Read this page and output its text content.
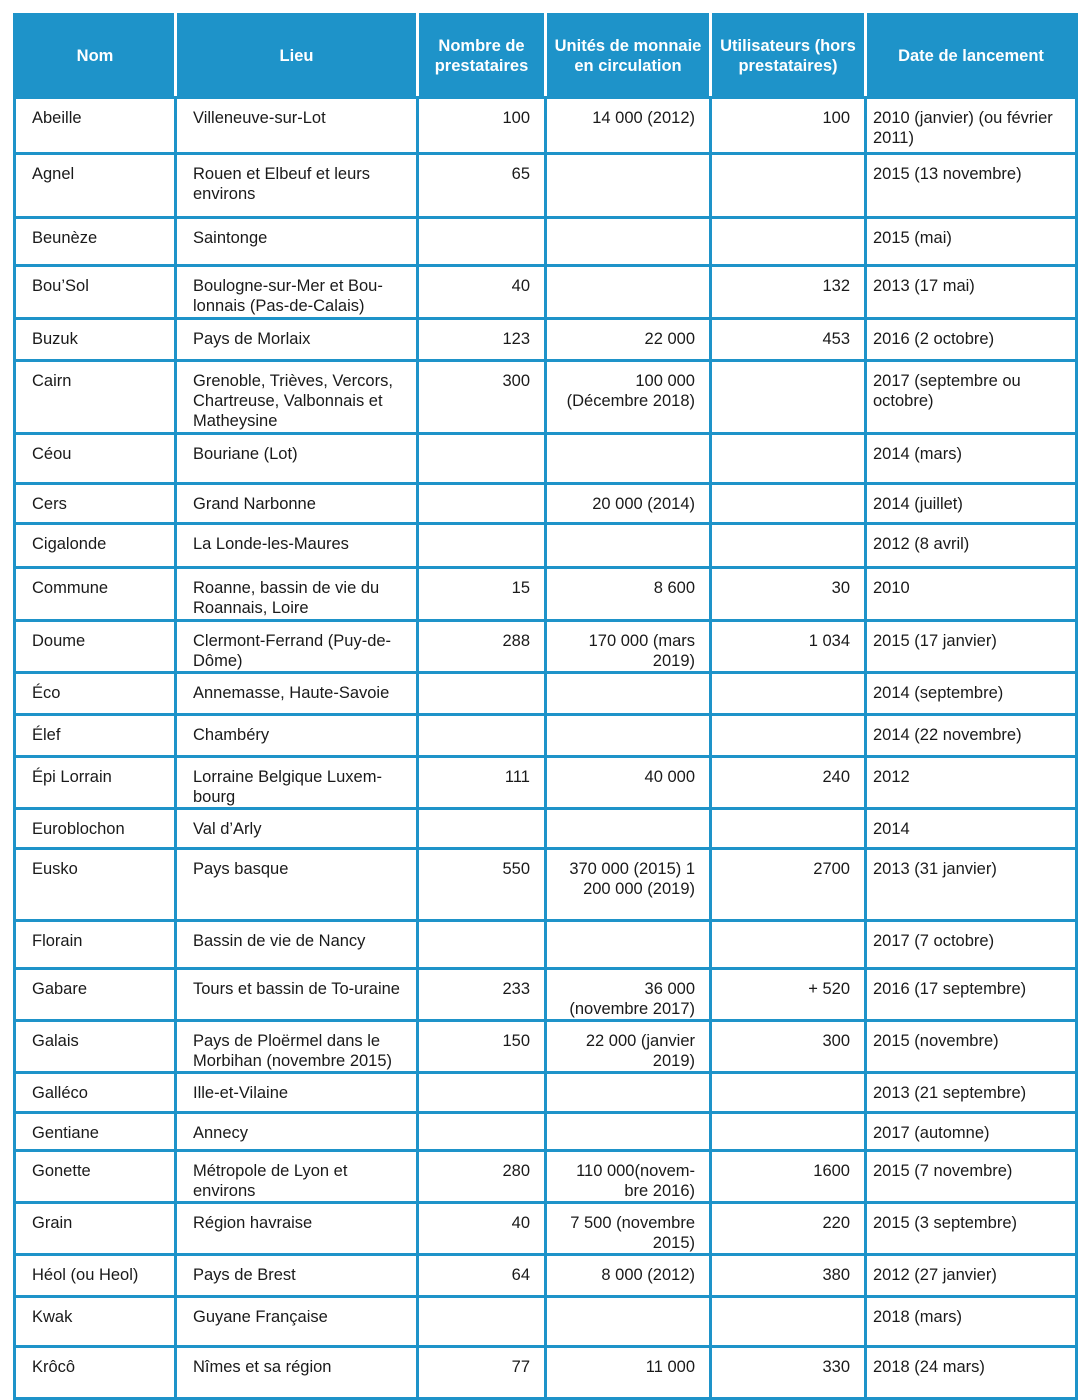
Nom	Lieu	Nombre de prestataires	Unités de monnaie en circulation	Utilisateurs (hors prestataires)	Date de lancement
Abeille	Villeneuve-sur-Lot	100	14 000 (2012)	100	2010 (janvier) (ou février 2011)
Agnel	Rouen et Elbeuf et leurs environs	65			2015 (13 novembre)
Beunèze	Saintonge				2015 (mai)
Bou’Sol	Boulogne-sur-Mer et Bou-lonnais (Pas-de-Calais)	40		132	2013 (17 mai)
Buzuk	Pays de Morlaix	123	22 000	453	2016 (2 octobre)
Cairn	Grenoble, Trièves, Vercors, Chartreuse, Valbonnais et Matheysine	300	100 000 (Décembre 2018)		2017 (septembre ou octobre)
Céou	Bouriane (Lot)				2014 (mars)
Cers	Grand Narbonne		20 000 (2014)		2014 (juillet)
Cigalonde	La Londe-les-Maures				2012 (8 avril)
Commune	Roanne, bassin de vie du Roannais, Loire	15	8 600	30	2010
Doume	Clermont-Ferrand (Puy-de-Dôme)	288	170 000 (mars 2019)	1 034	2015 (17 janvier)
Éco	Annemasse, Haute-Savoie				2014 (septembre)
Élef	Chambéry				2014 (22 novembre)
Épi Lorrain	Lorraine Belgique Luxem-bourg	111	40 000	240	2012
Euroblochon	Val d’Arly				2014
Eusko	Pays basque	550	370 000 (2015) 1 200 000 (2019)	2700	2013 (31 janvier)
Florain	Bassin de vie de Nancy				2017 (7 octobre)
Gabare	Tours et bassin de To-uraine	233	36 000 (novembre 2017)	+ 520	2016 (17 septembre)
Galais	Pays de Ploërmel dans le Morbihan (novembre 2015)	150	22 000 (janvier 2019)	300	2015 (novembre)
Galléco	Ille-et-Vilaine				2013 (21 septembre)
Gentiane	Annecy				2017 (automne)
Gonette	Métropole de Lyon et environs	280	110 000(novem-bre 2016)	1600	2015 (7 novembre)
Grain	Région havraise	40	7 500 (novembre 2015)	220	2015 (3 septembre)
Héol (ou Heol)	Pays de Brest	64	8 000 (2012)	380	2012 (27 janvier)
Kwak	Guyane Française				2018 (mars)
Krôcô	Nîmes et sa région	77	11 000	330	2018 (24 mars)
